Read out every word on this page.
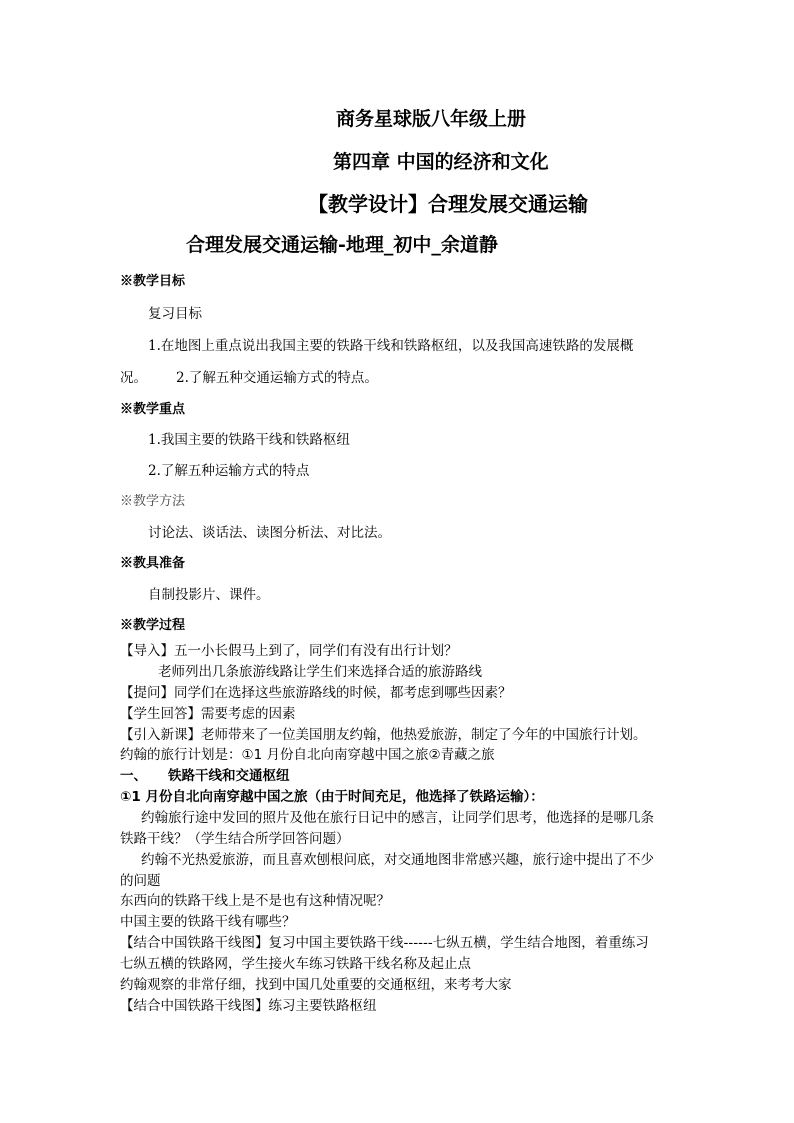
商务星球版八年级上册
第四章 中国的经济和文化
【教学设计】合理发展交通运输
合理发展交通运输-地理_初中_余道静
※教学目标
复习目标
1.在地图上重点说出我国主要的铁路干线和铁路枢纽，以及我国高速铁路的发展概
况。 2.了解五种交通运输方式的特点。
※教学重点
1.我国主要的铁路干线和铁路枢纽
2.了解五种运输方式的特点
※教学方法
讨论法、谈话法、读图分析法、对比法。
※教具准备
自制投影片、课件。
※教学过程
【导入】五一小长假马上到了，同学们有没有出行计划？
老师列出几条旅游线路让学生们来选择合适的旅游路线
【提问】同学们在选择这些旅游路线的时候，都考虑到哪些因素？
【学生回答】需要考虑的因素
【引入新课】老师带来了一位美国朋友约翰，他热爱旅游，制定了今年的中国旅行计划。
约翰的旅行计划是：①1 月份自北向南穿越中国之旅②青藏之旅
一、 铁路干线和交通枢纽
①1 月份自北向南穿越中国之旅（由于时间充足，他选择了铁路运输）：
约翰旅行途中发回的照片及他在旅行日记中的感言，让同学们思考，他选择的是哪几条
铁路干线？（学生结合所学回答问题）
约翰不光热爱旅游，而且喜欢刨根问底，对交通地图非常感兴趣，旅行途中提出了不少
的问题
东西向的铁路干线上是不是也有这种情况呢？
中国主要的铁路干线有哪些？
【结合中国铁路干线图】复习中国主要铁路干线------七纵五横，学生结合地图，着重练习
七纵五横的铁路网，学生接火车练习铁路干线名称及起止点
约翰观察的非常仔细，找到中国几处重要的交通枢纽，来考考大家
【结合中国铁路干线图】练习主要铁路枢纽
